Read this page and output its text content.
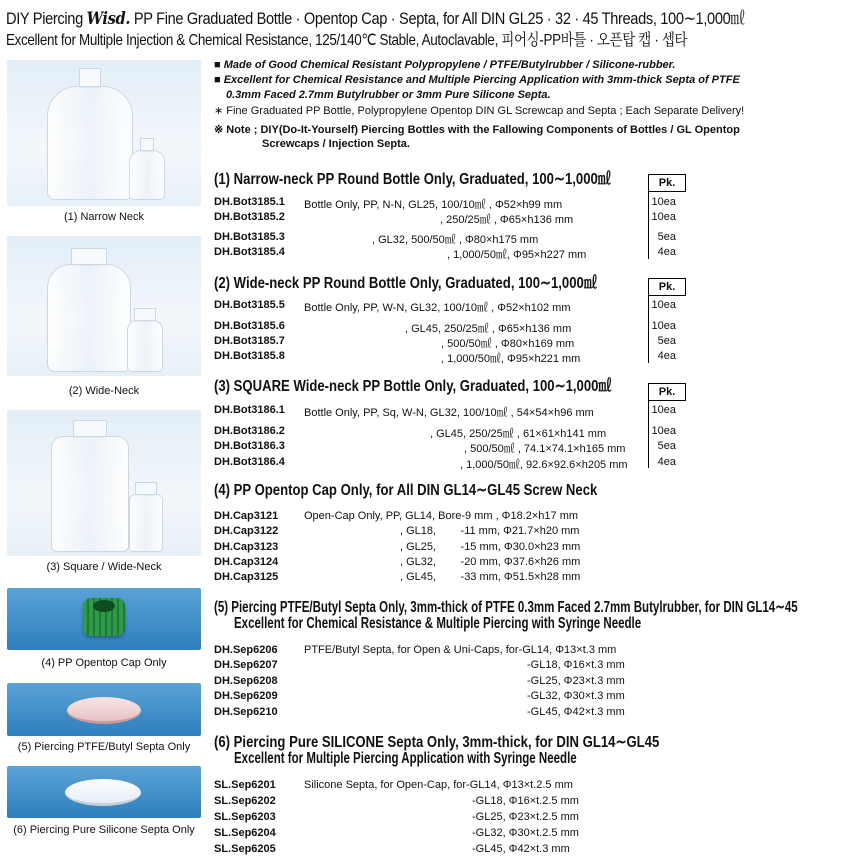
DIY Piercing Wisd. PP Fine Graduated Bottle · Opentop Cap · Septa, for All DIN GL25 · 32 · 45 Threads, 100∼1,000㎖
Excellent for Multiple Injection & Chemical Resistance, 125/140℃ Stable, Autoclavable, 피어싱-PP바틀 · 오픈탑 캡 · 셉타
(1) Narrow Neck
(2) Wide-Neck
(3) Square / Wide-Neck
(4) PP Opentop Cap Only
(5) Piercing PTFE/Butyl Septa Only
(6) Piercing Pure Silicone Septa Only
■ Made of Good Chemical Resistant Polypropylene / PTFE/Butylrubber / Silicone-rubber.
■ Excellent for Chemical Resistance and Multiple Piercing Application with 3mm-thick Septa of PTFE
0.3mm Faced 2.7mm Butylrubber or 3mm Pure Silicone Septa.
∗ Fine Graduated PP Bottle, Polypropylene Opentop DIN GL Screwcap and Septa ; Each Separate Delivery!
※ Note ; DIY(Do-It-Yourself) Piercing Bottles with the Fallowing Components of Bottles / GL Opentop
Screwcaps / Injection Septa.
(1) Narrow-neck PP Round Bottle Only, Graduated, 100∼1,000㎖	Pk.
DH.Bot3185.1 Bottle Only, PP, N-N, GL25, 100/10㎖ , Φ52×h99 mm	10ea
DH.Bot3185.2	, 250/25㎖ , Φ65×h136 mm	10ea
DH.Bot3185.3	, GL32, 500/50㎖ , Φ80×h175 mm	5ea
DH.Bot3185.4	, 1,000/50㎖, Φ95×h227 mm	4ea
(2) Wide-neck PP Round Bottle Only, Graduated, 100∼1,000㎖	Pk.
DH.Bot3185.5 Bottle Only, PP, W-N, GL32, 100/10㎖ , Φ52×h102 mm	10ea
DH.Bot3185.6	, GL45, 250/25㎖ , Φ65×h136 mm	10ea
DH.Bot3185.7	, 500/50㎖ , Φ80×h169 mm	5ea
DH.Bot3185.8	, 1,000/50㎖, Φ95×h221 mm	4ea
(3) SQUARE Wide-neck PP Bottle Only, Graduated, 100∼1,000㎖	Pk.
DH.Bot3186.1 Bottle Only, PP, Sq, W-N, GL32, 100/10㎖ , 54×54×h96 mm	10ea
DH.Bot3186.2	, GL45, 250/25㎖ , 61×61×h141 mm	10ea
DH.Bot3186.3	, 500/50㎖ , 74.1×74.1×h165 mm	5ea
DH.Bot3186.4	, 1,000/50㎖, 92.6×92.6×h205 mm	4ea
(4) PP Opentop Cap Only, for All DIN GL14∼GL45 Screw Neck
DH.Cap3121 Open-Cap Only, PP, GL14, Bore-9 mm , Φ18.2×h17 mm
DH.Cap3122	, GL18,        -11 mm, Φ21.7×h20 mm
DH.Cap3123	, GL25,        -15 mm, Φ30.0×h23 mm
DH.Cap3124	, GL32,        -20 mm, Φ37.6×h26 mm
DH.Cap3125	, GL45,        -33 mm, Φ51.5×h28 mm
(5) Piercing PTFE/Butyl Septa Only, 3mm-thick of PTFE 0.3mm Faced 2.7mm Butylrubber, for DIN GL14∼45
Excellent for Chemical Resistance & Multiple Piercing with Syringe Needle
DH.Sep6206 PTFE/Butyl Septa, for Open & Uni-Caps, for-GL14, Φ13×t.3 mm
DH.Sep6207	-GL18, Φ16×t.3 mm
DH.Sep6208	-GL25, Φ23×t.3 mm
DH.Sep6209	-GL32, Φ30×t.3 mm
DH.Sep6210	-GL45, Φ42×t.3 mm
(6) Piercing Pure SILICONE Septa Only, 3mm-thick, for DIN GL14∼GL45
Excellent for Multiple Piercing Application with Syringe Needle
SL.Sep6201	Silicone Septa, for Open-Cap, for-GL14, Φ13×t.2.5 mm
SL.Sep6202	-GL18, Φ16×t.2.5 mm
SL.Sep6203	-GL25, Φ23×t.2.5 mm
SL.Sep6204	-GL32, Φ30×t.2.5 mm
SL.Sep6205	-GL45, Φ42×t.3 mm
